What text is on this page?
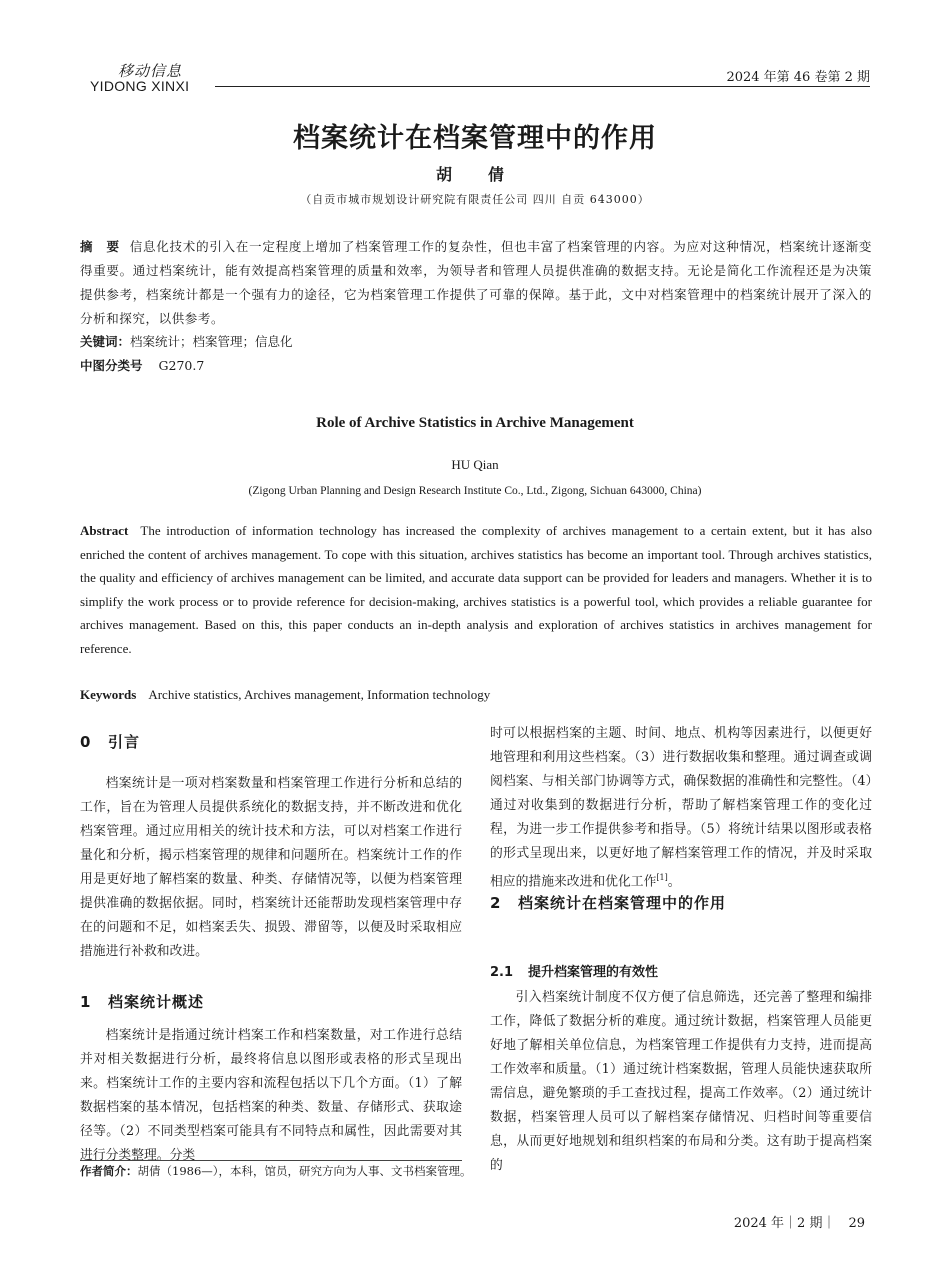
移动信息
YIDONG XINXI
2024 年第 46 卷第 2 期
档案统计在档案管理中的作用
胡　倩
（自贡市城市规划设计研究院有限责任公司 四川 自贡 643000）
摘　要 信息化技术的引入在一定程度上增加了档案管理工作的复杂性，但也丰富了档案管理的内容。为应对这种情况，档案统计逐渐变得重要。通过档案统计，能有效提高档案管理的质量和效率，为领导者和管理人员提供准确的数据支持。无论是简化工作流程还是为决策提供参考，档案统计都是一个强有力的途径，它为档案管理工作提供了可靠的保障。基于此，文中对档案管理中的档案统计展开了深入的分析和探究，以供参考。
关键词：档案统计；档案管理；信息化
中图分类号 G270.7
Role of Archive Statistics in Archive Management
HU Qian
(Zigong Urban Planning and Design Research Institute Co., Ltd., Zigong, Sichuan 643000, China)
Abstract The introduction of information technology has increased the complexity of archives management to a certain extent, but it has also enriched the content of archives management. To cope with this situation, archives statistics has become an important tool. Through archives statistics, the quality and efficiency of archives management can be limited, and accurate data support can be provided for leaders and managers. Whether it is to simplify the work process or to provide reference for decision-making, archives statistics is a powerful tool, which provides a reliable guarantee for archives management. Based on this, this paper conducts an in-depth analysis and exploration of archives statistics in archives management for reference.
Keywords Archive statistics, Archives management, Information technology

0 引言

档案统计是一项对档案数量和档案管理工作进行分析和总结的工作，旨在为管理人员提供系统化的数据支持，并不断改进和优化档案管理。通过应用相关的统计技术和方法，可以对档案工作进行量化和分析，揭示档案管理的规律和问题所在。档案统计工作的作用是更好地了解档案的数量、种类、存储情况等，以便为档案管理提供准确的数据依据。同时，档案统计还能帮助发现档案管理中存在的问题和不足，如档案丢失、损毁、滞留等，以便及时采取相应措施进行补救和改进。

1 档案统计概述

档案统计是指通过统计档案工作和档案数量，对工作进行总结并对相关数据进行分析，最终将信息以图形或表格的形式呈现出来。档案统计工作的主要内容和流程包括以下几个方面。（1）了解数据档案的基本情况，包括档案的种类、数量、存储形式、获取途径等。（2）不同类型档案可能具有不同特点和属性，因此需要对其进行分类整理。分类

时可以根据档案的主题、时间、地点、机构等因素进行，以便更好地管理和利用这些档案。（3）进行数据收集和整理。通过调查或调阅档案、与相关部门协调等方式，确保数据的准确性和完整性。（4）通过对收集到的数据进行分析，帮助了解档案管理工作的变化过程，为进一步工作提供参考和指导。（5）将统计结果以图形或表格的形式呈现出来，以更好地了解档案管理工作的情况，并及时采取相应的措施来改进和优化工作[1]。

2 档案统计在档案管理中的作用

2.1 提升档案管理的有效性

引入档案统计制度不仅方便了信息筛选，还完善了整理和编排工作，降低了数据分析的难度。通过统计数据，档案管理人员能更好地了解相关单位信息，为档案管理工作提供有力支持，进而提高工作效率和质量。（1）通过统计档案数据，管理人员能快速获取所需信息，避免繁琐的手工查找过程，提高工作效率。（2）通过统计数据，档案管理人员可以了解档案存储情况、归档时间等重要信息，从而更好地规划和组织档案的布局和分类。这有助于提高档案的

作者简介：胡倩（1986—），本科，馆员，研究方向为人事、文书档案管理。
2024 年｜2 期｜　29
